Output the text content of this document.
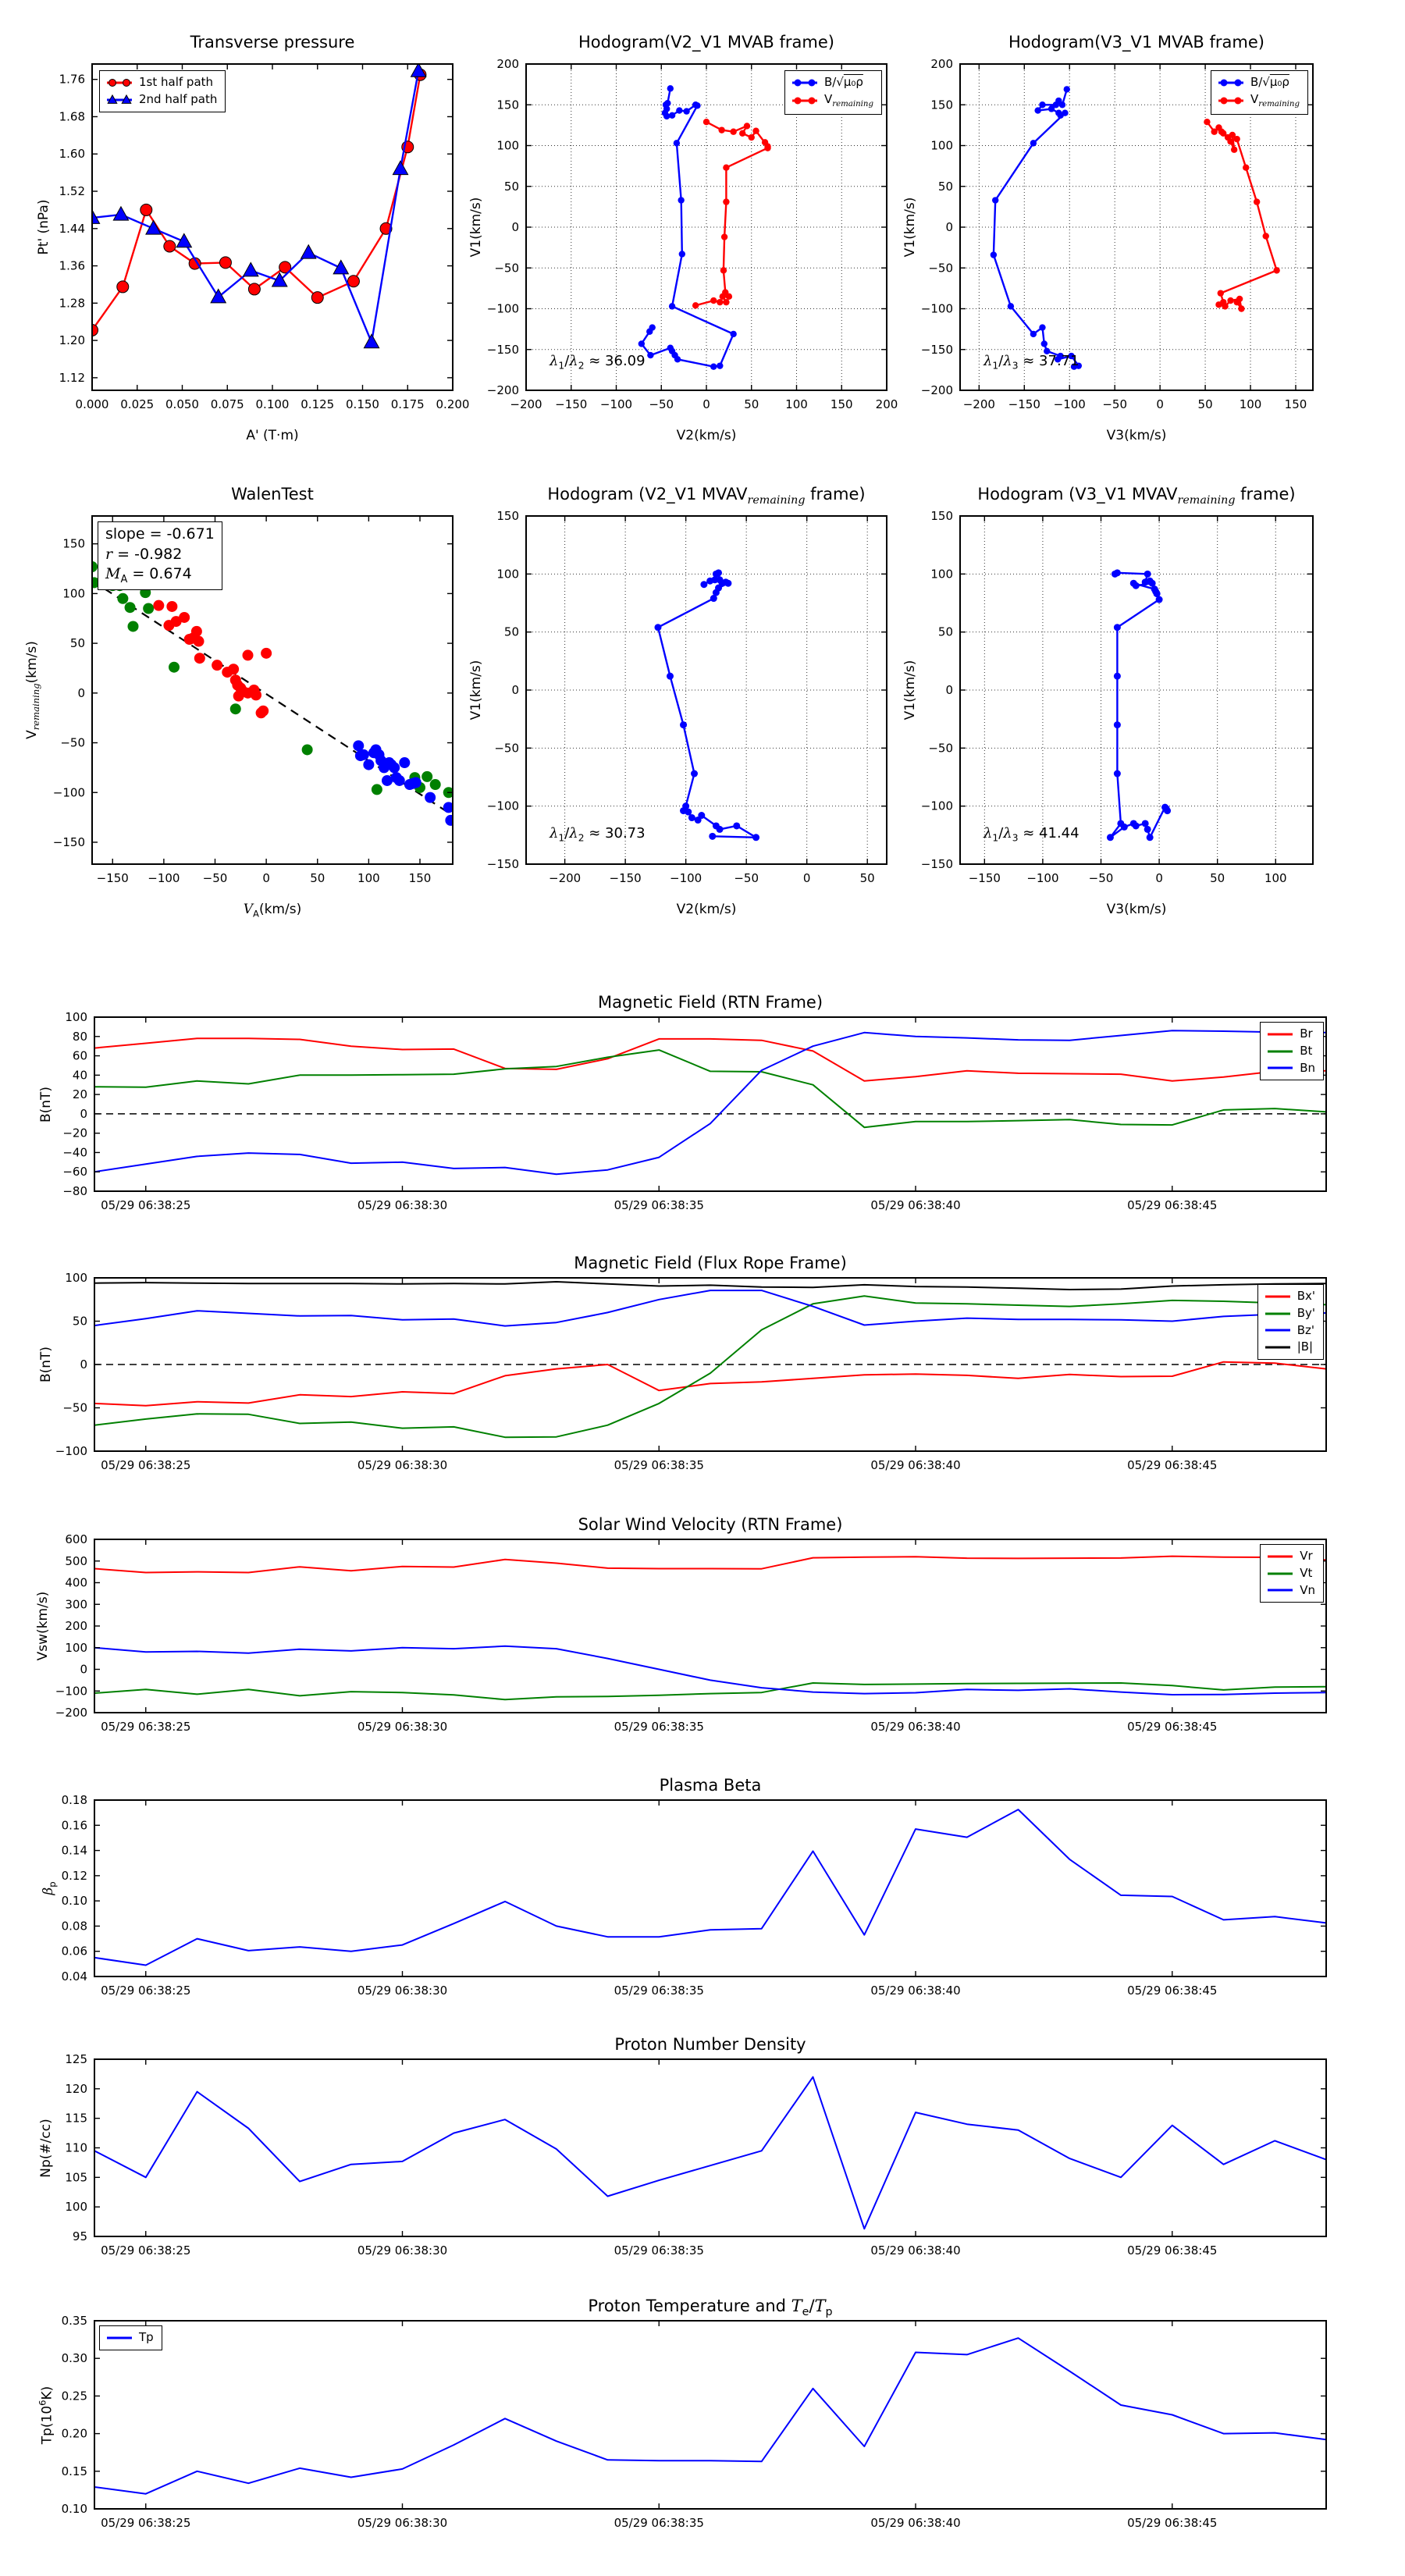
Transverse pressure
Pt' (nPa)
A' (T·m)
0.000 0.025 0.050 0.075 0.100 0.125 0.150 0.175 0.200
1.12
1.20
1.28
1.36
1.44
1.52
1.60
1.68
1.76	1st half path
2nd half path
Hodogram(V2_V1 MVAB frame)
V1(km/s)
V2(km/s)
−200 −150 −100 −50 0	50 100 150 200
−200
−150
−100
−50
0
50
100
150
200
B/√μ₀ρ
$V_{remaining}$
$\lambda_1/\lambda_2 \approx 36.09$
Hodogram(V3_V1 MVAB frame)
V1(km/s)
V3(km/s)
−200 −150 −100 −50 0	50 100 150
−200
−150
−100
−50
0
50
100
150
200
B/√μ₀ρ
$V_{remaining}$
$\lambda_1/\lambda_3 \approx 37.71$
WalenTest
$V_{remaining}(km/s)$
$V_A(km/s)$
−150 −100 −50	0	50	100 150
−150
−100
−50
0
50
100
150
slope = -0.671
r = -0.982
$M_A = 0.674$
Hodogram (V2_V1 $MVAV_{remaining}$ frame)
V1(km/s)
V2(km/s)
−200 −150 −100	−50	0	50
−150
−100
−50
0
50
100
150
$\lambda_1/\lambda_2 \approx 30.73$
Hodogram (V3_V1 $MVAV_{remaining}$ frame)
V1(km/s)
V3(km/s)
−150 −100	−50	0	50	100
−150
−100
−50
0
50
100
150
$\lambda_1/\lambda_3 \approx 41.44$
Magnetic Field (RTN Frame)
B(nT)
05/29 06:38:25	05/29 06:38:30	05/29 06:38:35	05/29 06:38:40	05/29 06:38:45
−80
−60
−40
−20
0
20
40
60
80
100
Br
Bt
Bn
Magnetic Field (Flux Rope Frame)
B(nT)
05/29 06:38:25	05/29 06:38:30	05/29 06:38:35	05/29 06:38:40	05/29 06:38:45
−100
−50
0
50
100
Bx'
By'
Bz'
|B|
Solar Wind Velocity (RTN Frame)
Vsw(km/s)
05/29 06:38:25	05/29 06:38:30	05/29 06:38:35	05/29 06:38:40	05/29 06:38:45
−200
−100
0
100
200
300
400
500
600
Vr
Vt
Vn
Plasma Beta
$\beta_p$
05/29 06:38:25	05/29 06:38:30	05/29 06:38:35	05/29 06:38:40	05/29 06:38:45
0.04
0.06
0.08
0.10
0.12
0.14
0.16
0.18
Proton Number Density
Np(#/cc)
05/29 06:38:25	05/29 06:38:30	05/29 06:38:35	05/29 06:38:40	05/29 06:38:45
95
100
105
110
115
120
125
Proton Temperature and $T_e/T_p$
$Tp(10^6K)$
05/29 06:38:25	05/29 06:38:30	05/29 06:38:35	05/29 06:38:40	05/29 06:38:45
0.10
0.15
0.20
0.25
0.30
0.35
Tp
